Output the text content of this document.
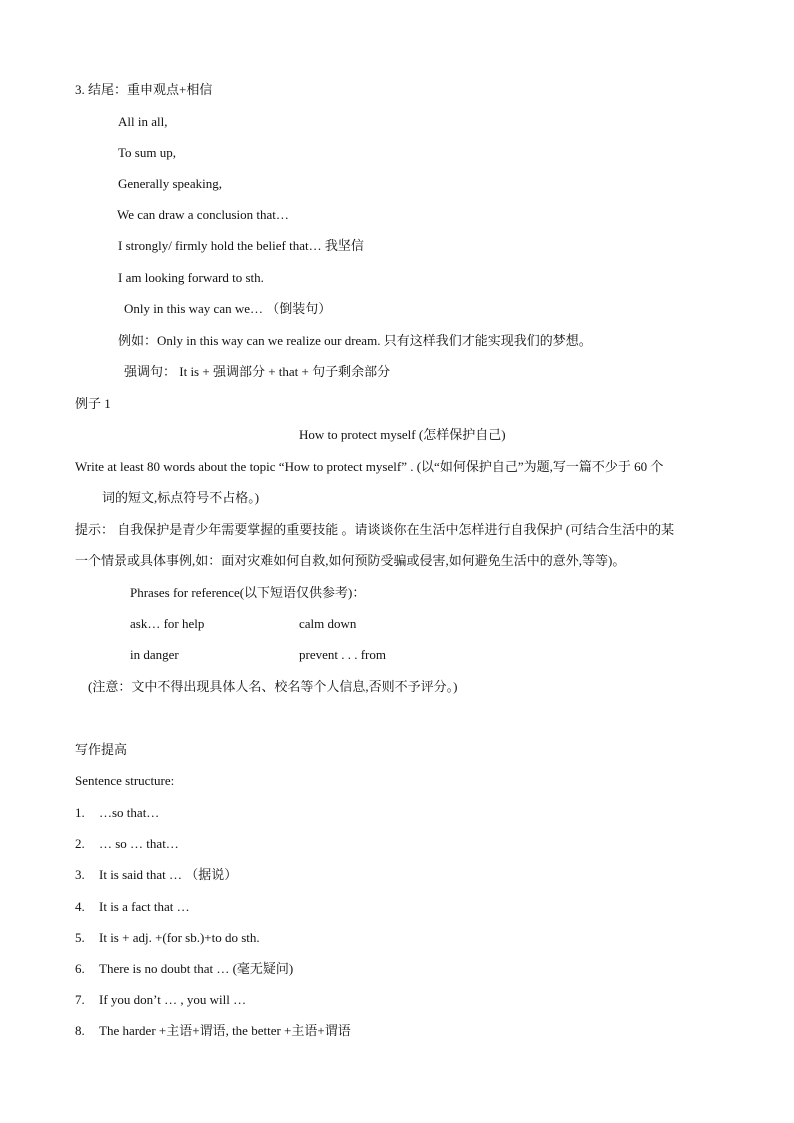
3. 结尾：重申观点+相信
All in all,
To sum up,
Generally speaking,
We can draw a conclusion that…
I strongly/ firmly hold the belief that… 我坚信
I am looking forward to sth.
Only in this way can we… （倒装句）
例如：Only in this way can we realize our dream. 只有这样我们才能实现我们的梦想。
强调句： It is + 强调部分 + that + 句子剩余部分
例子 1
How to protect myself (怎样保护自己)
Write at least 80 words about the topic “How to protect myself” . (以“如何保护自己”为题,写一篇不少于 60 个
词的短文,标点符号不占格。)
提示： 自我保护是青少年需要掌握的重要技能 。请谈谈你在生活中怎样进行自我保护 (可结合生活中的某
一个情景或具体事例,如：面对灾难如何自救,如何预防受骗或侵害,如何避免生活中的意外,等等)。
Phrases for reference(以下短语仅供参考)：
ask… for help	calm down
in danger	prevent . . . from
(注意：文中不得出现具体人名、校名等个人信息,否则不予评分。)
写作提高
Sentence structure:
1. …so that…
2. … so … that…
3. It is said that … （据说）
4. It is a fact that …
5. It is + adj. +(for sb.)+to do sth.
6. There is no doubt that … (毫无疑问)
7. If you don’t … , you will …
8. The harder +主语+谓语, the better +主语+谓语
